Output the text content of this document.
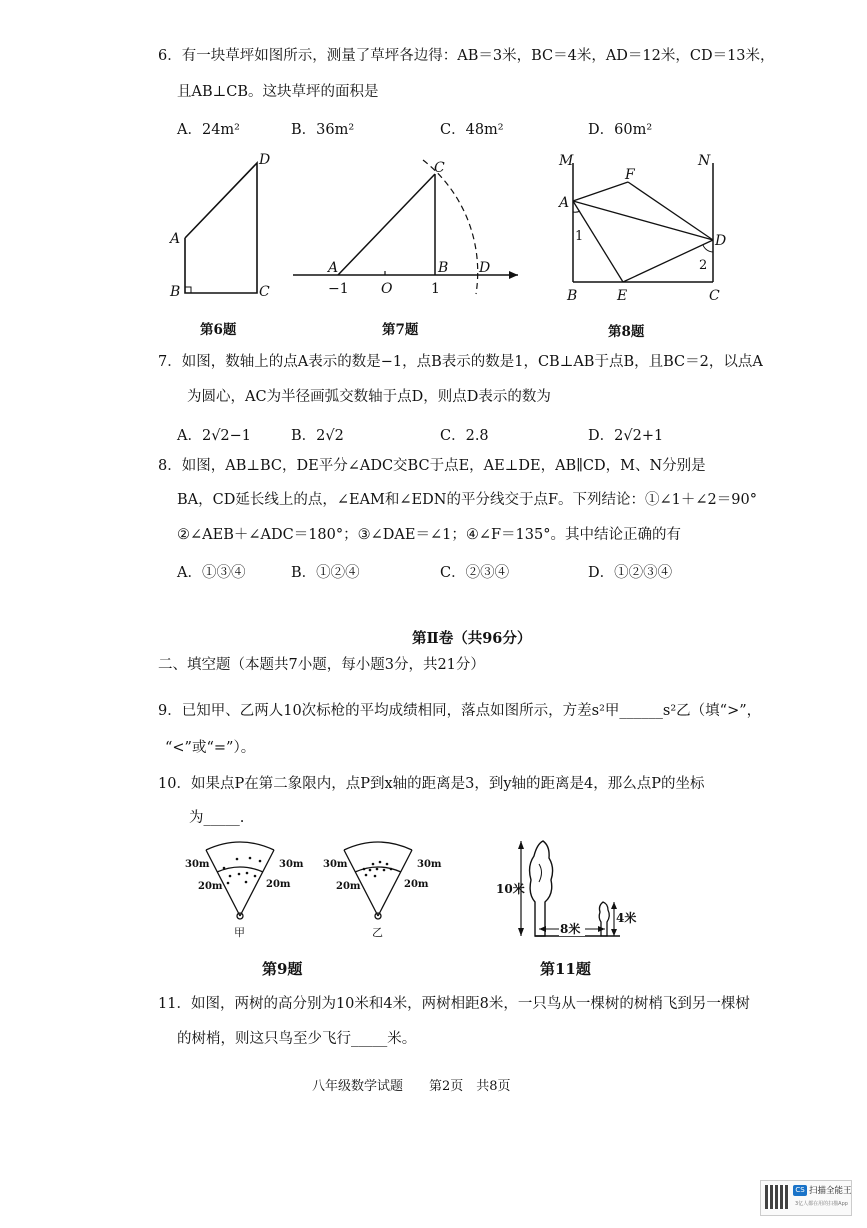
6．有一块草坪如图所示，测量了草坪各边得：AB＝3米，BC＝4米，AD＝12米，CD＝13米，
且AB⊥CB。这块草坪的面积是
A．24m²	B．36m²	C．48m²	D．60m²
A
B	C
D
第6题
A	B
C
D
O
−1	1
第7题
M	N
F
A
D
B	E	C
1
2
第8题
7．如图，数轴上的点A表示的数是−1，点B表示的数是1，CB⊥AB于点B，且BC＝2，以点A
为圆心，AC为半径画弧交数轴于点D，则点D表示的数为
A．2√2−1	B．2√2	C．2.8	D．2√2+1
8．如图，AB⊥BC，DE平分∠ADC交BC于点E，AE⊥DE，AB∥CD，M、N分别是
BA，CD延长线上的点，∠EAM和∠EDN的平分线交于点F。下列结论：①∠1＋∠2＝90°
②∠AEB＋∠ADC＝180°；③∠DAE＝∠1；④∠F＝135°。其中结论正确的有
A．①③④	B．①②④	C．②③④	D．①②③④
第Ⅱ卷（共96分）
二、填空题（本题共7小题，每小题3分，共21分）
9．已知甲、乙两人10次标枪的平均成绩相同，落点如图所示，方差s²甲______s²乙（填“>”，
“<”或“=”）。
10．如果点P在第二象限内，点P到x轴的距离是3，到y轴的距离是4，那么点P的坐标
为_____.
30m	30m
20m	20m
甲
30m	30m
20m	20m
乙
第9题
10米
8米
4米
第11题
11．如图，两树的高分别为10米和4米，两树相距8米，一只鸟从一棵树的树梢飞到另一棵树
的树梢，则这只鸟至少飞行_____米。
八年级数学试题　　第2页　共8页
CS 扫描全能王
3亿人都在用的扫描App
